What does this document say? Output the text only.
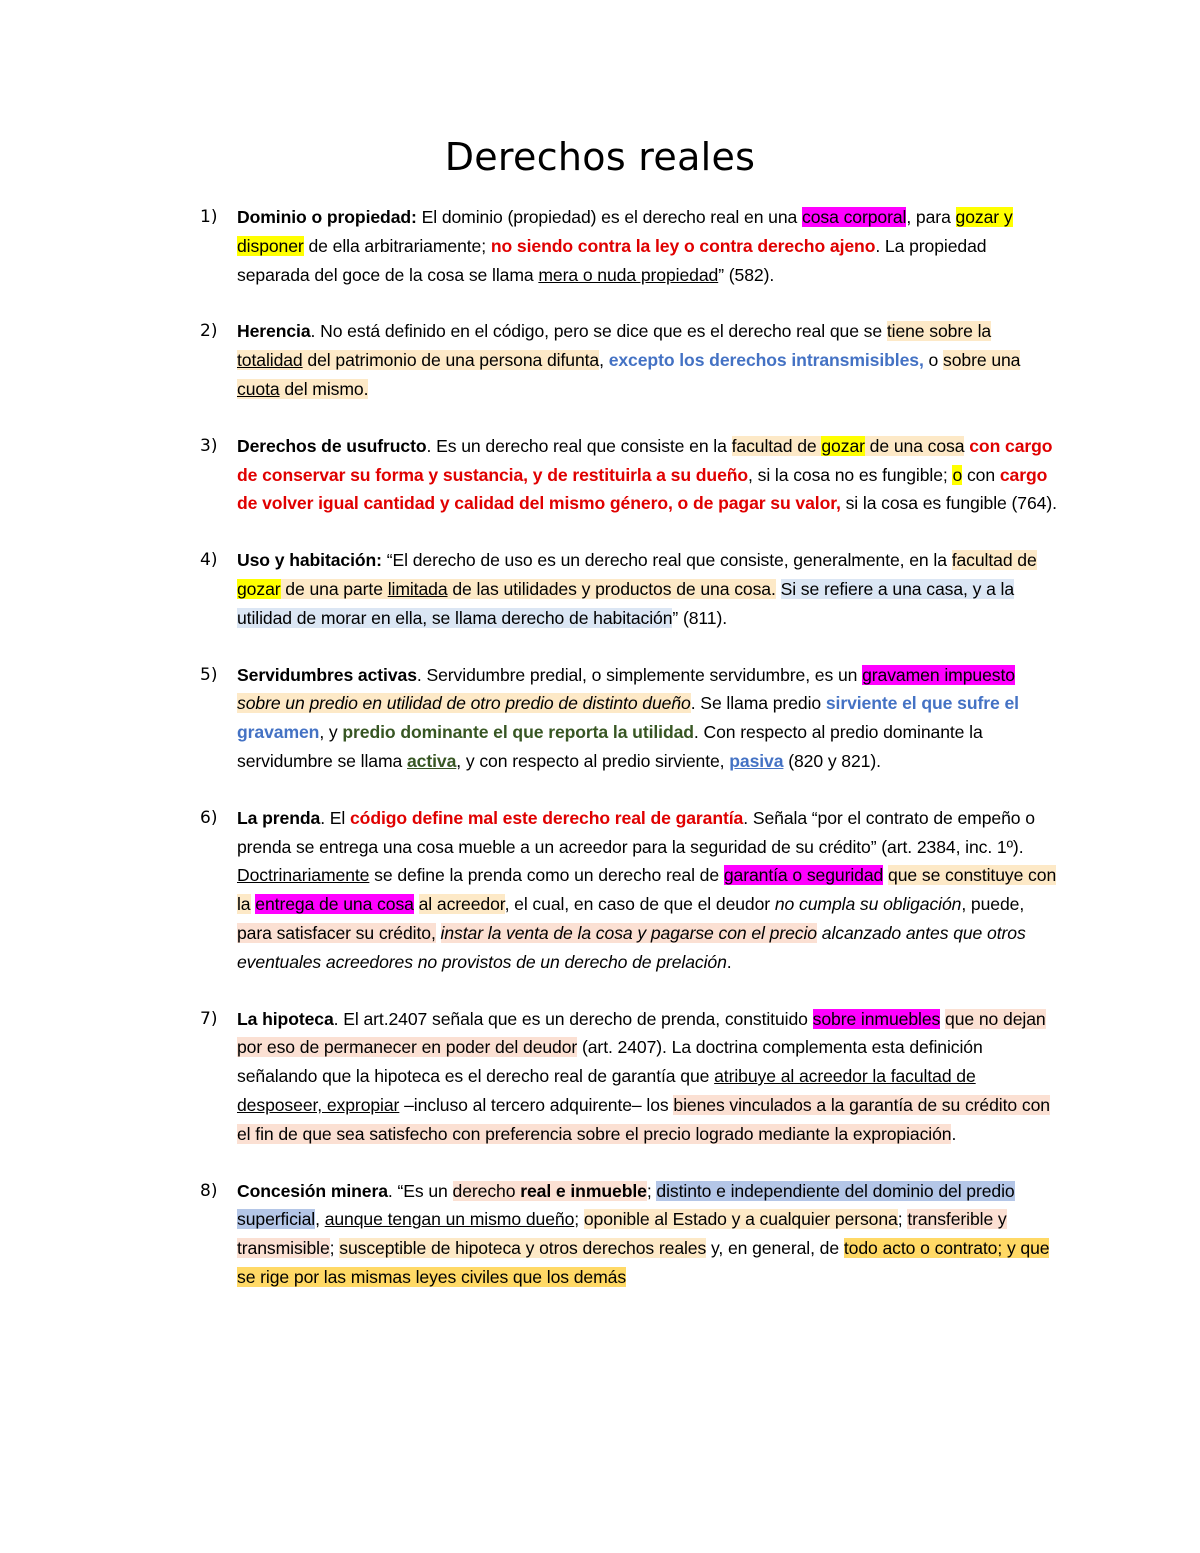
Derechos reales
1) Dominio o propiedad: El dominio (propiedad) es el derecho real en una cosa corporal, para gozar y disponer de ella arbitrariamente; no siendo contra la ley o contra derecho ajeno. La propiedad separada del goce de la cosa se llama mera o nuda propiedad” (582).
2) Herencia. No está definido en el código, pero se dice que es el derecho real que se tiene sobre la totalidad del patrimonio de una persona difunta, excepto los derechos intransmisibles, o sobre una cuota del mismo.
3) Derechos de usufructo. Es un derecho real que consiste en la facultad de gozar de una cosa con cargo de conservar su forma y sustancia, y de restituirla a su dueño, si la cosa no es fungible; o con cargo de volver igual cantidad y calidad del mismo género, o de pagar su valor, si la cosa es fungible (764).
4) Uso y habitación: “El derecho de uso es un derecho real que consiste, generalmente, en la facultad de gozar de una parte limitada de las utilidades y productos de una cosa. Si se refiere a una casa, y a la utilidad de morar en ella, se llama derecho de habitación” (811).
5) Servidumbres activas. Servidumbre predial, o simplemente servidumbre, es un gravamen impuesto sobre un predio en utilidad de otro predio de distinto dueño. Se llama predio sirviente el que sufre el gravamen, y predio dominante el que reporta la utilidad. Con respecto al predio dominante la servidumbre se llama activa, y con respecto al predio sirviente, pasiva (820 y 821).
6) La prenda. El código define mal este derecho real de garantía. Señala “por el contrato de empeño o prenda se entrega una cosa mueble a un acreedor para la seguridad de su crédito” (art. 2384, inc. 1º). Doctrinariamente se define la prenda como un derecho real de garantía o seguridad que se constituye con la entrega de una cosa al acreedor, el cual, en caso de que el deudor no cumpla su obligación, puede, para satisfacer su crédito, instar la venta de la cosa y pagarse con el precio alcanzado antes que otros eventuales acreedores no provistos de un derecho de prelación.
7) La hipoteca. El art.2407 señala que es un derecho de prenda, constituido sobre inmuebles que no dejan por eso de permanecer en poder del deudor (art. 2407). La doctrina complementa esta definición señalando que la hipoteca es el derecho real de garantía que atribuye al acreedor la facultad de desposeer, expropiar –incluso al tercero adquirente– los bienes vinculados a la garantía de su crédito con el fin de que sea satisfecho con preferencia sobre el precio logrado mediante la expropiación.
8) Concesión minera. “Es un derecho real e inmueble; distinto e independiente del dominio del predio superficial, aunque tengan un mismo dueño; oponible al Estado y a cualquier persona; transferible y transmisible; susceptible de hipoteca y otros derechos reales y, en general, de todo acto o contrato; y que se rige por las mismas leyes civiles que los demás
